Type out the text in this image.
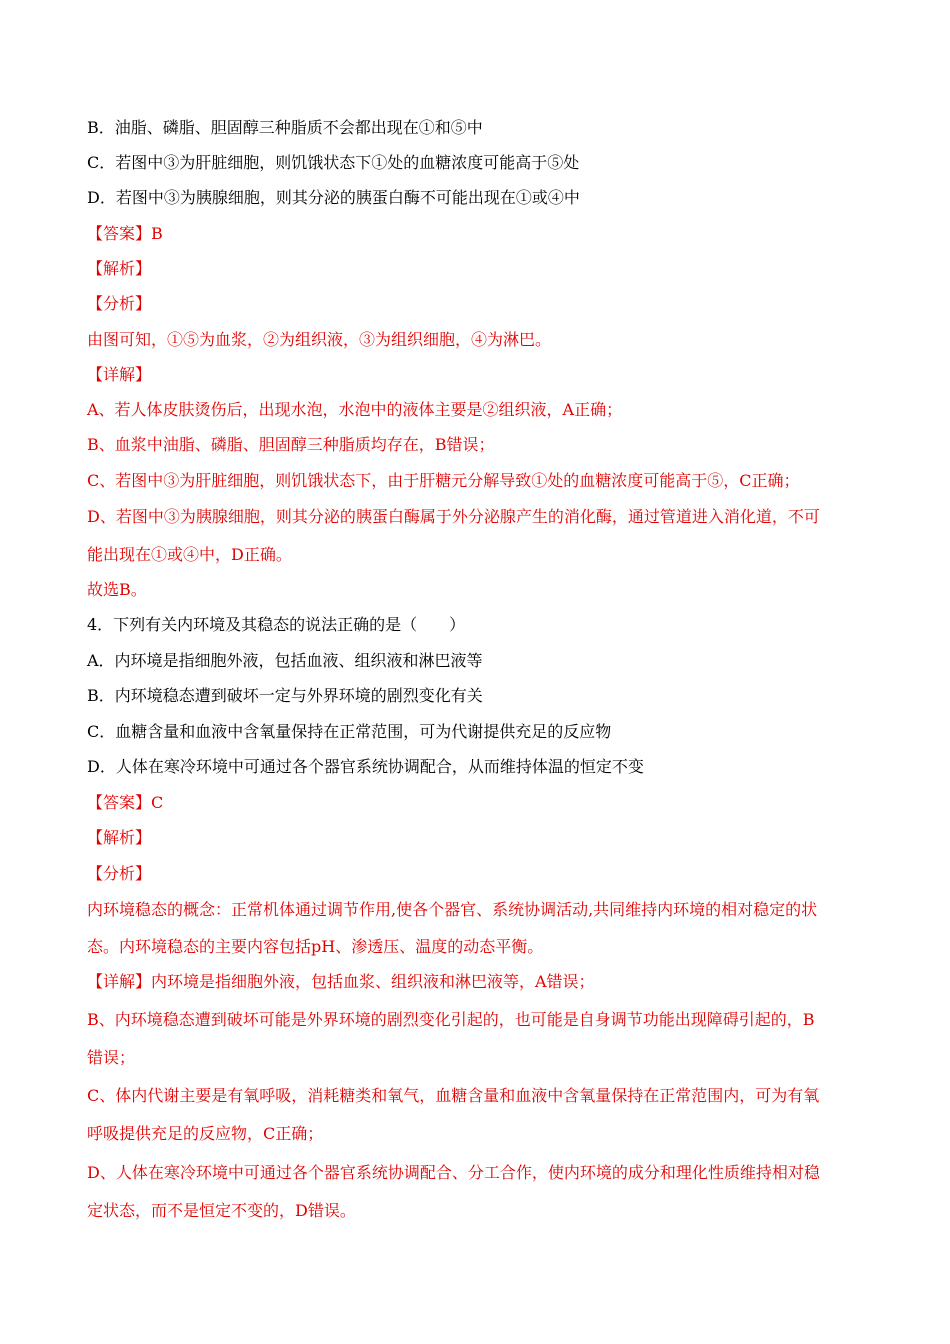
B．油脂、磷脂、胆固醇三种脂质不会都出现在①和⑤中
C．若图中③为肝脏细胞，则饥饿状态下①处的血糖浓度可能高于⑤处
D．若图中③为胰腺细胞，则其分泌的胰蛋白酶不可能出现在①或④中
【答案】B
【解析】
【分析】
由图可知，①⑤为血浆，②为组织液，③为组织细胞，④为淋巴。
【详解】
A、若人体皮肤烫伤后，出现水泡，水泡中的液体主要是②组织液，A正确；
B、血浆中油脂、磷脂、胆固醇三种脂质均存在，B错误；
C、若图中③为肝脏细胞，则饥饿状态下，由于肝糖元分解导致①处的血糖浓度可能高于⑤，C正确；
D、若图中③为胰腺细胞，则其分泌的胰蛋白酶属于外分泌腺产生的消化酶，通过管道进入消化道，不可
能出现在①或④中，D正确。
故选B。
4．下列有关内环境及其稳态的说法正确的是（　　）
A．内环境是指细胞外液，包括血液、组织液和淋巴液等
B．内环境稳态遭到破坏一定与外界环境的剧烈变化有关
C．血糖含量和血液中含氧量保持在正常范围，可为代谢提供充足的反应物
D．人体在寒冷环境中可通过各个器官系统协调配合，从而维持体温的恒定不变
【答案】C
【解析】
【分析】
内环境稳态的概念：正常机体通过调节作用,使各个器官、系统协调活动,共同维持内环境的相对稳定的状
态。内环境稳态的主要内容包括pH、渗透压、温度的动态平衡。
【详解】内环境是指细胞外液，包括血浆、组织液和淋巴液等，A错误；
B、内环境稳态遭到破坏可能是外界环境的剧烈变化引起的，也可能是自身调节功能出现障碍引起的，B
错误；
C、体内代谢主要是有氧呼吸，消耗糖类和氧气，血糖含量和血液中含氧量保持在正常范围内，可为有氧
呼吸提供充足的反应物，C正确；
D、人体在寒冷环境中可通过各个器官系统协调配合、分工合作，使内环境的成分和理化性质维持相对稳
定状态，而不是恒定不变的，D错误。
